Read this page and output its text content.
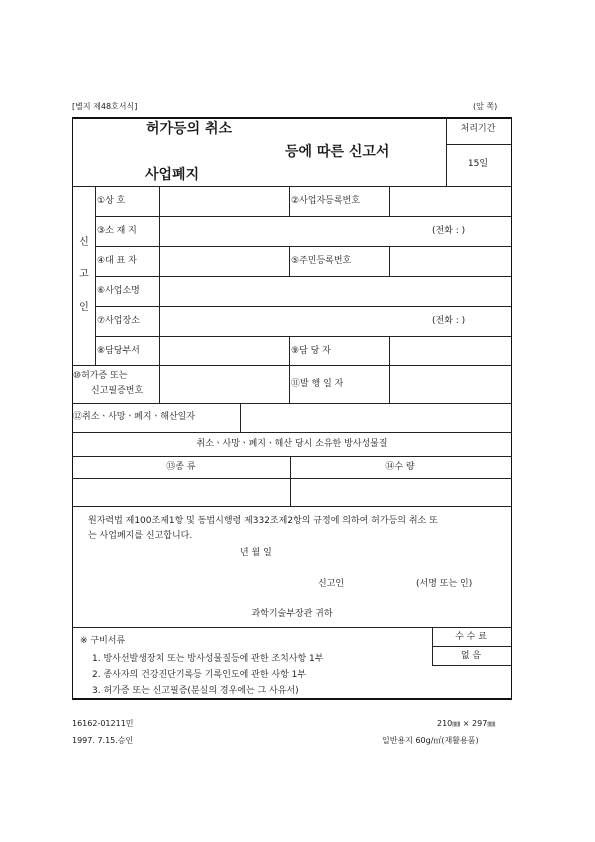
[별지 제48호서식]	(앞 쪽)
허가등의 취소
등에 따른 신고서
사업폐지
처리기간
15일
신
고
인
①상 호	②사업자등록번호
③소 재 지	(전화 : )
④대 표 자	⑤주민등록번호
⑥사업소명
⑦사업장소	(전화 : )
⑧담당부서	⑨담 당 자
⑩허가증 또는
신고필증번호
⑪발 행 일 자
⑫취소ㆍ사망ㆍ폐지ㆍ해산일자
취소ㆍ사망ㆍ폐지ㆍ해산 당시 소유한 방사성물질
⑬종 류	⑭수 량
원자력법 제100조제1항 및 동법시행령 제332조제2항의 규정에 의하여 허가등의 취소 또
는 사업폐지를 신고합니다.
년 월 일
신고인	(서명 또는 인)
과학기술부장관 귀하
※ 구비서류
1. 방사선발생장치 또는 방사성물질등에 관한 조치사항 1부
2. 종사자의 건강진단기록등 기록인도에 관한 사항 1부
3. 허가증 또는 신고필증(분실의 경우에는 그 사유서)
수 수 료
없 음
16162-01211민
1997. 7.15.승인
210㎜ × 297㎜
일반용지 60g/㎡(재활용품)
